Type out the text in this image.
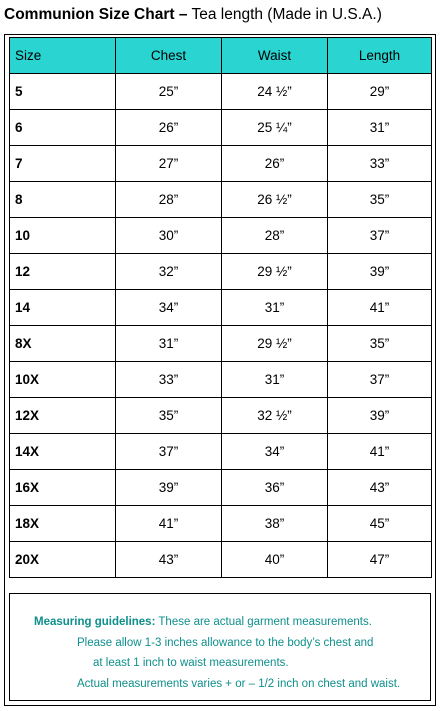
Communion Size Chart – Tea length (Made in U.S.A.)
Size	Chest	Waist	Length
5	25”	24 ½”	29”
6	26”	25 ¼”	31”
7	27”	26”	33”
8	28”	26 ½”	35”
10	30”	28”	37”
12	32”	29 ½”	39”
14	34”	31”	41”
8X	31”	29 ½”	35”
10X	33”	31”	37”
12X	35”	32 ½”	39”
14X	37”	34”	41”
16X	39”	36”	43”
18X	41”	38”	45”
20X	43”	40”	47”
Measuring guidelines: These are actual garment measurements.
Please allow 1-3 inches allowance to the body’s chest and
at least 1 inch to waist measurements.
Actual measurements varies + or – 1/2 inch on chest and waist.
